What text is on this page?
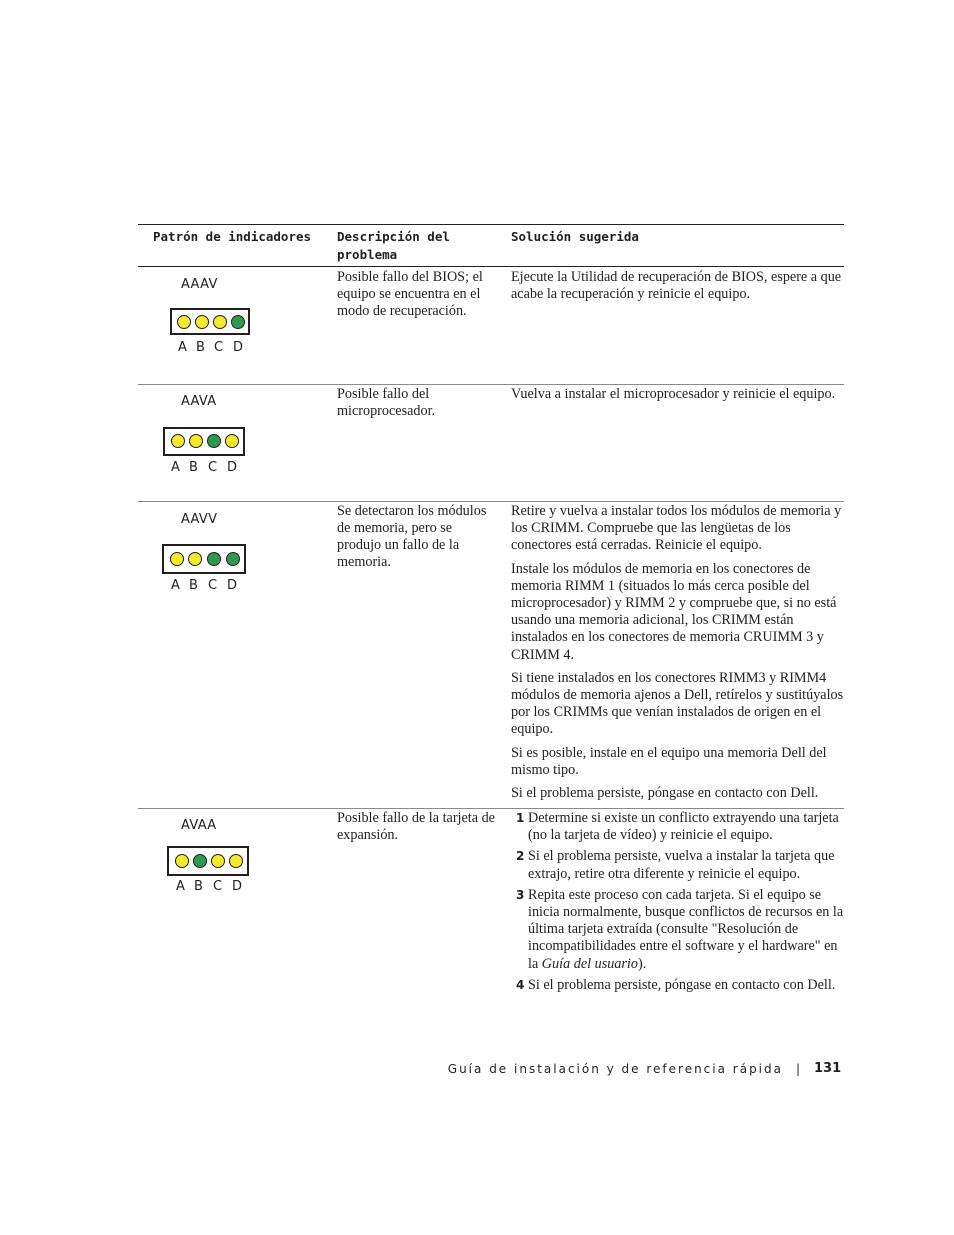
Patrón de indicadores Descripción del
problema
Solución sugerida
AAAV
A B C D
Posible fallo del BIOS; el equipo se encuentra en el modo de recuperación.

Ejecute la Utilidad de recuperación de BIOS, espere a que acabe la recuperación y reinicie el equipo.

AAVA
A B C D
Posible fallo del microprocesador.

Vuelva a instalar el microprocesador y reinicie el equipo.

AAVV
A B C D
Se detectaron los módulos de memoria, pero se produjo un fallo de la memoria.

Retire y vuelva a instalar todos los módulos de memoria y los CRIMM. Compruebe que las lengüetas de los conectores está cerradas. Reinicie el equipo.

Instale los módulos de memoria en los conectores de memoria RIMM 1 (situados lo más cerca posible del microprocesador) y RIMM 2 y compruebe que, si no está usando una memoria adicional, los CRIMM están instalados en los conectores de memoria CRUIMM 3 y CRIMM 4.

Si tiene instalados en los conectores RIMM3 y RIMM4 módulos de memoria ajenos a Dell, retírelos y sustitúyalos por los CRIMMs que venían instalados de origen en el equipo.

Si es posible, instale en el equipo una memoria Dell del mismo tipo.

Si el problema persiste, póngase en contacto con Dell.

AVAA
A B C D
Posible fallo de la tarjeta de expansión.
1 Determine si existe un conflicto extrayendo una tarjeta (no la tarjeta de vídeo) y reinicie el equipo.
2 Si el problema persiste, vuelva a instalar la tarjeta que extrajo, retire otra diferente y reinicie el equipo.
3 Repita este proceso con cada tarjeta. Si el equipo se inicia normalmente, busque conflictos de recursos en la última tarjeta extraída (consulte "Resolución de incompatibilidades entre el software y el hardware" en la Guía del usuario).
4 Si el problema persiste, póngase en contacto con Dell.
Guía de instalación y de referencia rápida | 131
